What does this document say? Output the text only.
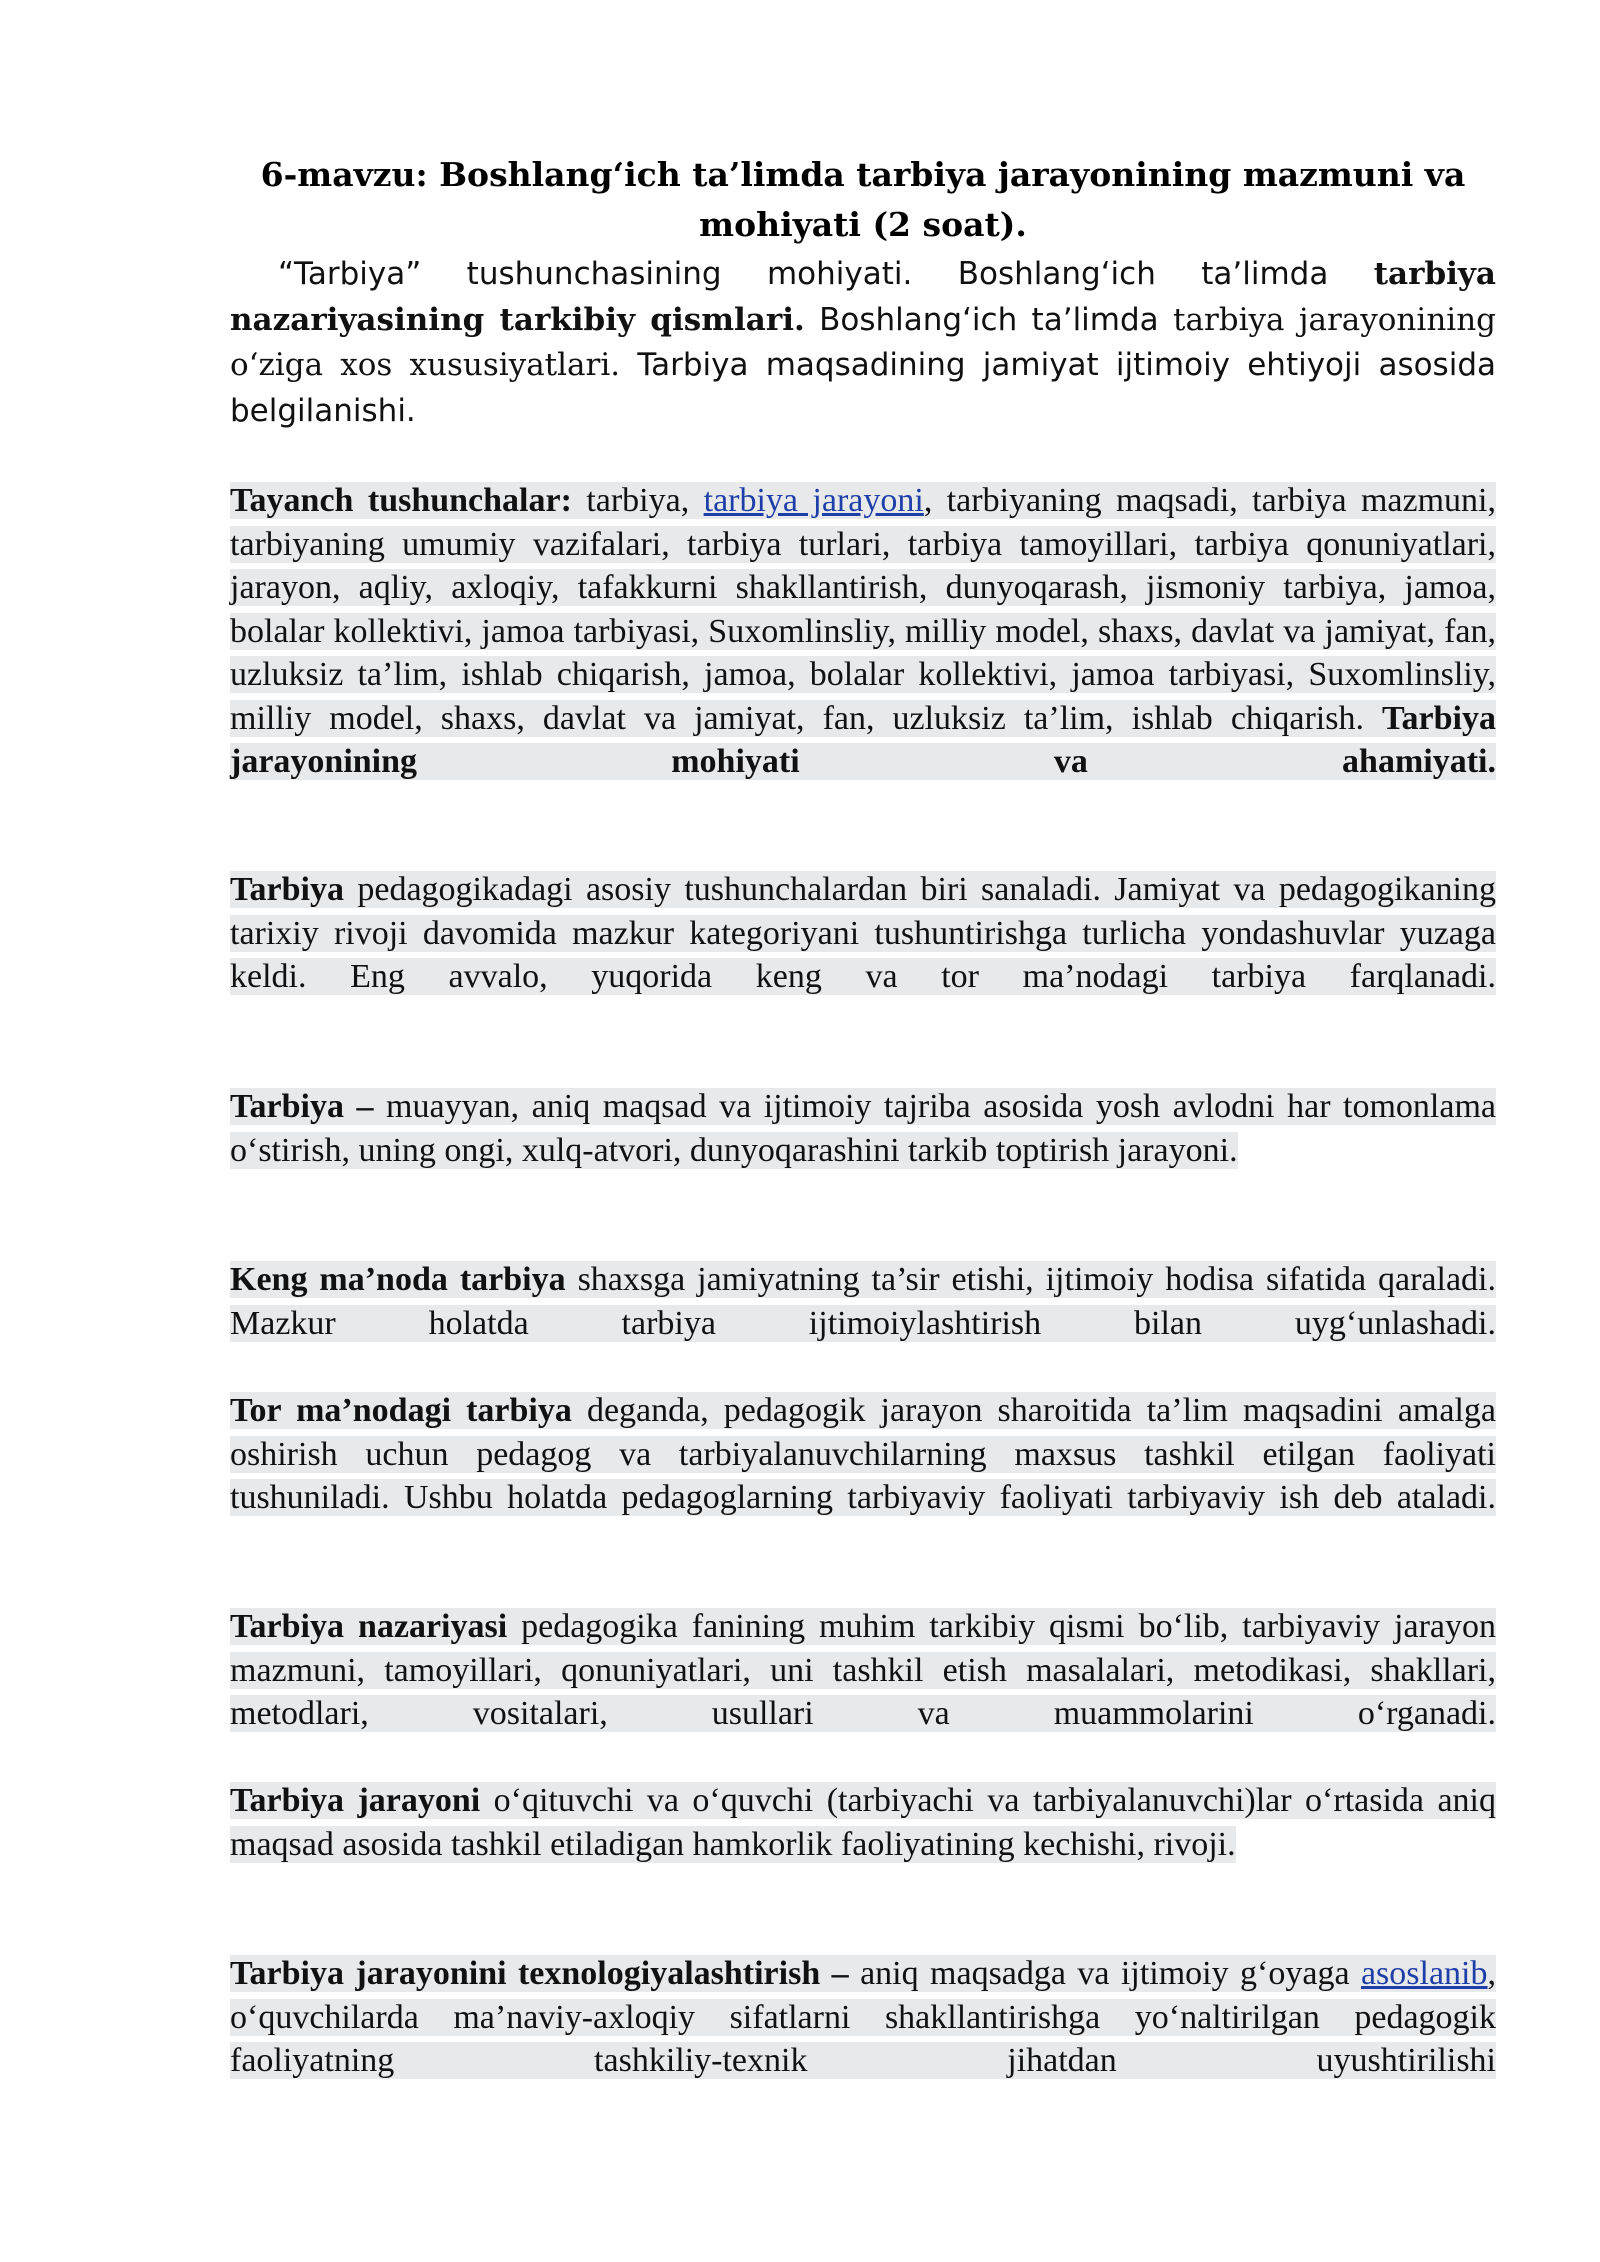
6-mavzu: Boshlang‘ich ta’limda tarbiya jarayonining mazmuni va
mohiyati (2 soat).

“Tarbiya” tushunchasining mohiyati. Boshlang‘ich ta’limda tarbiya nazariyasining tarkibiy qismlari. Boshlang‘ich ta’limda tarbiya jarayonining o‘ziga xos xususiyatlari. Tarbiya maqsadining jamiyat ijtimoiy ehtiyoji asosida belgilanishi.

Tayanch tushunchalar: tarbiya, tarbiya jarayoni, tarbiyaning maqsadi, tarbiya mazmuni, tarbiyaning umumiy vazifalari, tarbiya turlari, tarbiya tamoyillari, tarbiya qonuniyatlari, jarayon, aqliy, axloqiy, tafakkurni shakllantirish, dunyoqarash, jismoniy tarbiya, jamoa, bolalar kollektivi, jamoa tarbiyasi, Suxomlinsliy, milliy model, shaxs, davlat va jamiyat, fan, uzluksiz ta’lim, ishlab chiqarish, jamoa, bolalar kollektivi, jamoa tarbiyasi, Suxomlinsliy, milliy model, shaxs, davlat va jamiyat, fan, uzluksiz ta’lim, ishlab chiqarish. Tarbiya jarayonining mohiyati va ahamiyati.

Tarbiya pedagogikadagi asosiy tushunchalardan biri sanaladi. Jamiyat va pedagogikaning tarixiy rivoji davomida mazkur kategoriyani tushuntirishga turlicha yondashuvlar yuzaga keldi. Eng avvalo, yuqorida keng va tor ma’nodagi tarbiya farqlanadi.

Tarbiya – muayyan, aniq maqsad va ijtimoiy tajriba asosida yosh avlodni har tomonlama o‘stirish, uning ongi, xulq-atvori, dunyoqarashini tarkib toptirish jarayoni.

Keng ma’noda tarbiya shaxsga jamiyatning ta’sir etishi, ijtimoiy hodisa sifatida qaraladi. Mazkur holatda tarbiya ijtimoiylashtirish bilan uyg‘unlashadi.

Tor ma’nodagi tarbiya deganda, pedagogik jarayon sharoitida ta’lim maqsadini amalga oshirish uchun pedagog va tarbiyalanuvchilarning maxsus tashkil etilgan faoliyati tushuniladi. Ushbu holatda pedagoglarning tarbiyaviy faoliyati tarbiyaviy ish deb ataladi.

Tarbiya nazariyasi pedagogika fanining muhim tarkibiy qismi bo‘lib, tarbiyaviy jarayon mazmuni, tamoyillari, qonuniyatlari, uni tashkil etish masalalari, metodikasi, shakllari, metodlari, vositalari, usullari va muammolarini o‘rganadi.

Tarbiya jarayoni o‘qituvchi va o‘quvchi (tarbiyachi va tarbiyalanuvchi)lar o‘rtasida aniq maqsad asosida tashkil etiladigan hamkorlik faoliyatining kechishi, rivoji.

Tarbiya jarayonini texnologiyalashtirish – aniq maqsadga va ijtimoiy g‘oyaga asoslanib, o‘quvchilarda ma’naviy-axloqiy sifatlarni shakllantirishga yo‘naltirilgan pedagogik faoliyatning tashkiliy-texnik jihatdan uyushtirilishi
